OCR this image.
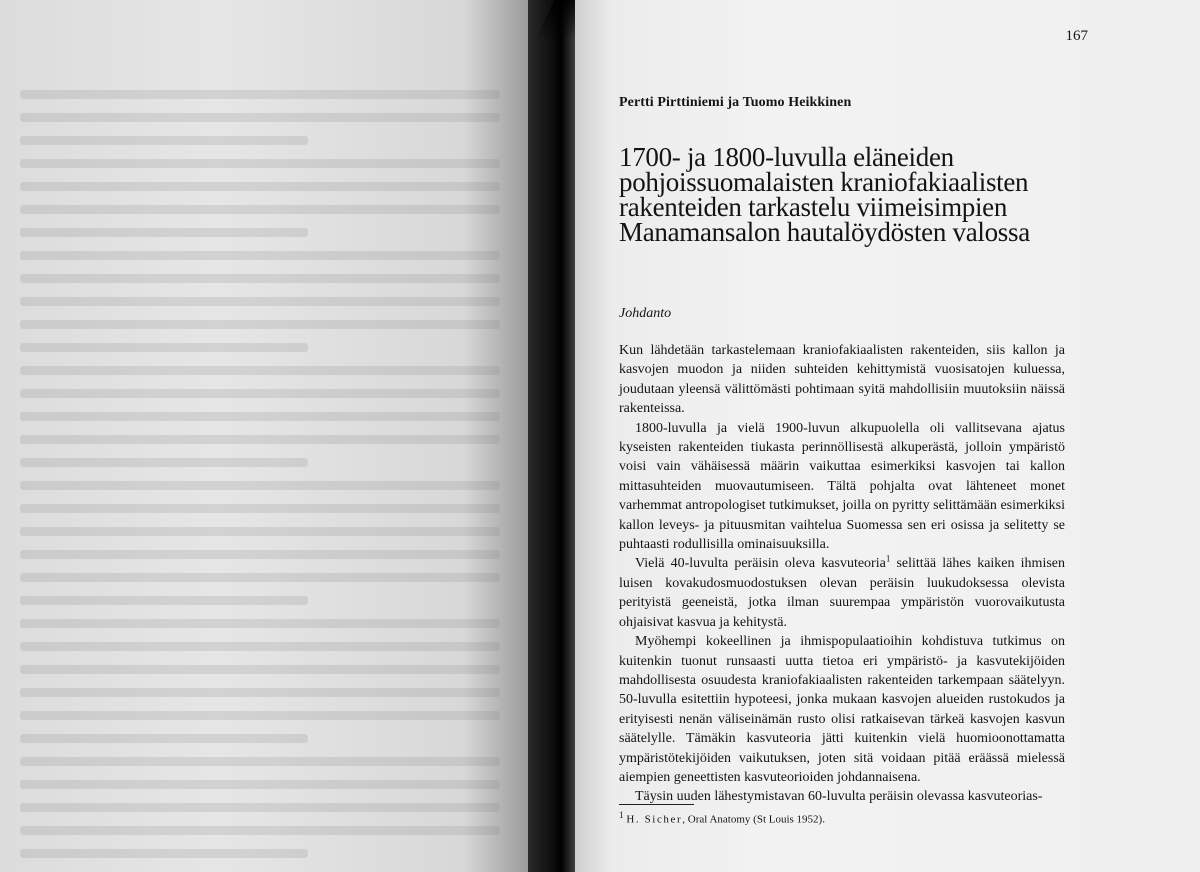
167
Pertti Pirttiniemi ja Tuomo Heikkinen
1700- ja 1800-luvulla eläneiden
pohjoissuomalaisten kraniofakiaalisten
rakenteiden tarkastelu viimeisimpien
Manamansalon hautalöydösten valossa
Johdanto

Kun lähdetään tarkastelemaan kraniofakiaalisten rakenteiden, siis kallon ja kasvojen muodon ja niiden suhteiden kehittymistä vuosisatojen kuluessa, joudutaan yleensä välittömästi pohtimaan syitä mahdollisiin muutoksiin näissä rakenteissa.

1800-luvulla ja vielä 1900-luvun alkupuolella oli vallitsevana ajatus kyseisten rakenteiden tiukasta perinnöllisestä alkuperästä, jolloin ympäristö voisi vain vähäisessä määrin vaikuttaa esimerkiksi kasvojen tai kallon mittasuhteiden muovautumiseen. Tältä pohjalta ovat lähteneet monet varhemmat antropologiset tutkimukset, joilla on pyritty selittämään esimerkiksi kallon leveys- ja pituusmitan vaihtelua Suomessa sen eri osissa ja selitetty se puhtaasti rodullisilla ominaisuuksilla.

Vielä 40-luvulta peräisin oleva kasvuteoria$^1$ selittää lähes kaiken ihmisen luisen kovakudosmuodostuksen olevan peräisin luukudoksessa olevista perityistä geeneistä, jotka ilman suurempaa ympäristön vuorovaikutusta ohjaisivat kasvua ja kehitystä.

Myöhempi kokeellinen ja ihmispopulaatioihin kohdistuva tutkimus on kuitenkin tuonut runsaasti uutta tietoa eri ympäristö- ja kasvutekijöiden mahdollisesta osuudesta kraniofakiaalisten rakenteiden tarkempaan säätelyyn. 50-luvulla esitettiin hypoteesi, jonka mukaan kasvojen alueiden rustokudos ja erityisesti nenän väliseinämän rusto olisi ratkaisevan tärkeä kasvojen kasvun säätelylle. Tämäkin kasvuteoria jätti kuitenkin vielä huomioonottamatta ympäristötekijöiden vaikutuksen, joten sitä voidaan pitää eräässä mielessä aiempien geneettisten kasvuteorioiden johdannaisena.

Täysin uuden lähestymistavan 60-luvulta peräisin olevassa kasvuteorias-

$^1$ H. Sicher, Oral Anatomy (St Louis 1952).
